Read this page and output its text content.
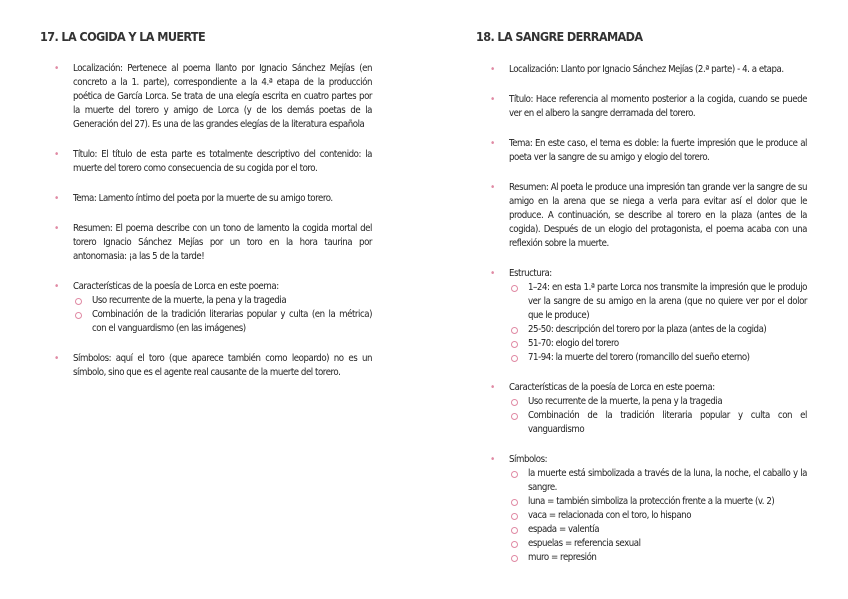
17. LA COGIDA Y LA MUERTE
• Localización: Pertenece al poema llanto por Ignacio Sánchez Mejías (en concreto a la 1. parte), correspondiente a la 4.ª etapa de la producción poética de García Lorca. Se trata de una elegía escrita en cuatro partes por la muerte del torero y amigo de Lorca (y de los demás poetas de la Generación del 27). Es una de las grandes elegías de la literatura española
• Título: El título de esta parte es totalmente descriptivo del contenido: la muerte del torero como consecuencia de su cogida por el toro.
• Tema: Lamento íntimo del poeta por la muerte de su amigo torero.
• Resumen: El poema describe con un tono de lamento la cogida mortal del torero Ignacio Sánchez Mejías por un toro en la hora taurina por antonomasia: ¡a las 5 de la tarde!
• Características de la poesía de Lorca en este poema:
Uso recurrente de la muerte, la pena y la tragedia
Combinación de la tradición literarias popular y culta (en la métrica) con el vanguardismo (en las imágenes)
• Símbolos: aquí el toro (que aparece también como leopardo) no es un símbolo, sino que es el agente real causante de la muerte del torero.
18. LA SANGRE DERRAMADA
• Localización: Llanto por Ignacio Sánchez Mejías (2.ª parte) - 4. a etapa.
• Título: Hace referencia al momento posterior a la cogida, cuando se puede ver en el albero la sangre derramada del torero.
• Tema: En este caso, el tema es doble: la fuerte impresión que le produce al poeta ver la sangre de su amigo y elogio del torero.
• Resumen: Al poeta le produce una impresión tan grande ver la sangre de su amigo en la arena que se niega a verla para evitar así el dolor que le produce. A continuación, se describe al torero en la plaza (antes de la cogida). Después de un elogio del protagonista, el poema acaba con una reflexión sobre la muerte.
• Estructura:
1–24: en esta 1.ª parte Lorca nos transmite la impresión que le produjo ver la sangre de su amigo en la arena (que no quiere ver por el dolor que le produce)
25-50: descripción del torero por la plaza (antes de la cogida)
51-70: elogio del torero
71-94: la muerte del torero (romancillo del sueño eterno)
• Características de la poesía de Lorca en este poema:
Uso recurrente de la muerte, la pena y la tragedia
Combinación de la tradición literaria popular y culta con el vanguardismo
• Símbolos:
la muerte está simbolizada a través de la luna, la noche, el caballo y la sangre.
luna = también simboliza la protección frente a la muerte (v. 2)
vaca = relacionada con el toro, lo hispano
espada = valentía
espuelas = referencia sexual
muro = represión
